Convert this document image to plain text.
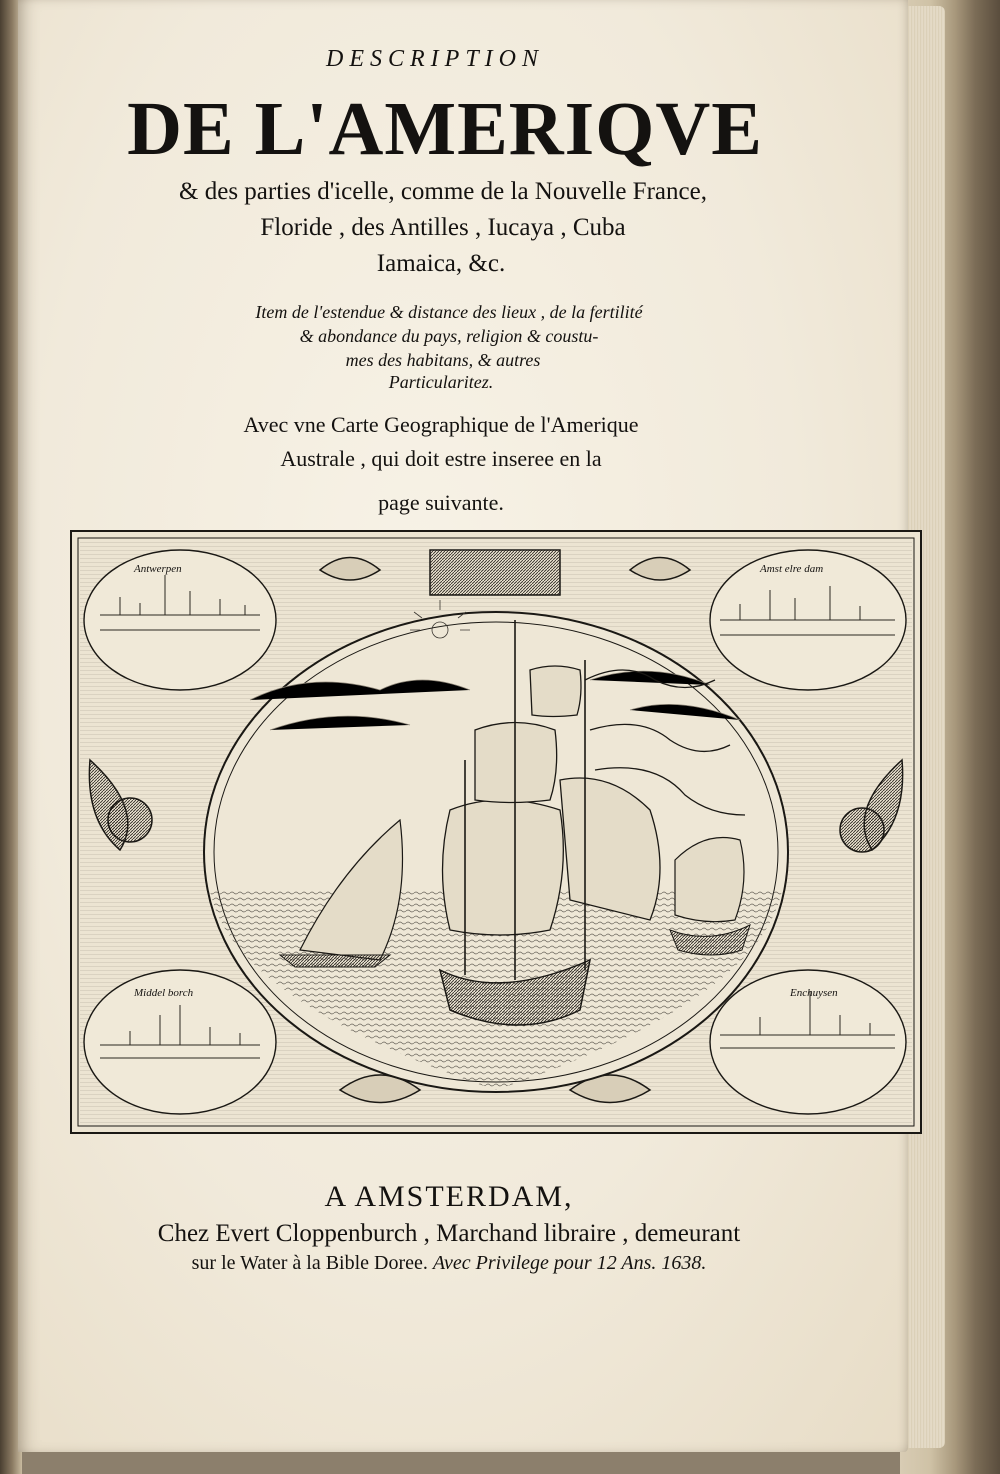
DESCRIPTION
DE L'AMERIQVE
& des parties d'icelle, comme de la Nouvelle France,
Floride , des Antilles , Iucaya , Cuba
Iamaica, &c.
Item de l'estendue & distance des lieux , de la fertilité
& abondance du pays, religion & coustu-
mes des habitans, & autres
Particularitez.
Avec vne Carte Geographique de l'Amerique
Australe , qui doit estre inseree en la
page suivante.
Antwerpen	Amst elre dam
Middel borch	Enchuysen
A AMSTERDAM,
Chez Evert Cloppenburch , Marchand libraire , demeurant
sur le Water à la Bible Doree. Avec Privilege pour 12 Ans. 1638.
